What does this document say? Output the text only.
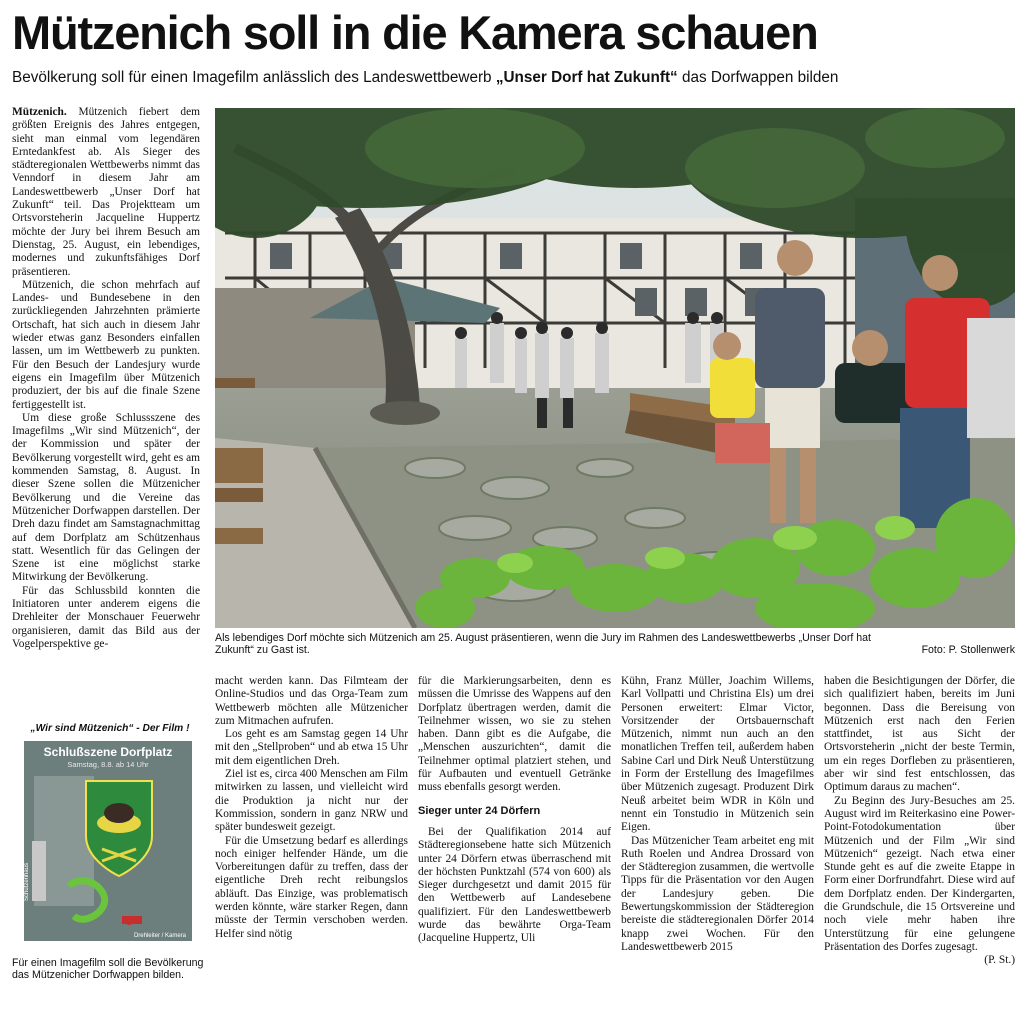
Mützenich soll in die Kamera schauen
Bevölkerung soll für einen Imagefilm anlässlich des Landeswettbewerb „Unser Dorf hat Zukunft“ das Dorfwappen bilden

Mützenich. Mützenich fiebert dem größten Ereignis des Jahres entgegen, sieht man einmal vom legendären Erntedankfest ab. Als Sieger des städteregionalen Wettbewerbs nimmt das Venndorf in diesem Jahr am Landeswettbewerb „Unser Dorf hat Zukunft“ teil. Das Projektteam um Ortsvorsteherin Jacqueline Huppertz möchte der Jury bei ihrem Besuch am Dienstag, 25. August, ein lebendiges, modernes und zukunftsfähiges Dorf präsentieren.

Mützenich, die schon mehrfach auf Landes- und Bundesebene in den zurückliegenden Jahrzehnten prämierte Ortschaft, hat sich auch in diesem Jahr wieder etwas ganz Besonders einfallen lassen, um im Wettbewerb zu punkten. Für den Besuch der Landesjury wurde eigens ein Imagefilm über Mützenich produziert, der bis auf die finale Szene fertiggestellt ist.

Um diese große Schlussszene des Imagefilms „Wir sind Mützenich“, der der Kommission und später der Bevölkerung vorgestellt wird, geht es am kommenden Samstag, 8. August. In dieser Szene sollen die Mützenicher Bevölkerung und die Vereine das Mützenicher Dorfwappen darstellen. Der Dreh dazu findet am Samstagnachmittag auf dem Dorfplatz am Schützenhaus statt. Wesentlich für das Gelingen der Szene ist eine möglichst starke Mitwirkung der Bevölkerung.

Für das Schlussbild konnten die Initiatoren unter anderem eigens die Drehleiter der Monschauer Feuerwehr organisieren, damit das Bild aus der Vogelperspektive ge-	Als lebendiges Dorf möchte sich Mützenich am 25. August präsentieren, wenn die Jury im Rahmen des Landeswettbewerbs „Unser Dorf hat Zukunft“ zu Gast ist.	Foto: P. Stollenwerk
„Wir sind Mützenich“ - Der Film !
Schlußszene Dorfplatz
Samstag, 8.8. ab 14 Uhr
Schützenhaus
Drehleiter / Kamera
Für einen Imagefilm soll die Bevölkerung das Mützenicher Dorfwappen bilden.

macht werden kann. Das Filmteam der Online-Studios und das Orga-Team zum Wettbewerb möchten alle Mützenicher zum Mitmachen aufrufen.

Los geht es am Samstag gegen 14 Uhr mit den „Stellproben“ und ab etwa 15 Uhr mit dem eigentlichen Dreh.

Ziel ist es, circa 400 Menschen am Film mitwirken zu lassen, und vielleicht wird die Produktion ja nicht nur der Kommission, sondern in ganz NRW und später bundesweit gezeigt.

Für die Umsetzung bedarf es allerdings noch einiger helfender Hände, um die Vorbereitungen dafür zu treffen, dass der eigentliche Dreh recht reibungslos abläuft. Das Einzige, was problematisch werden könnte, wäre starker Regen, dann müsste der Termin verschoben werden. Helfer sind nötig

für die Markierungsarbeiten, denn es müssen die Umrisse des Wappens auf den Dorfplatz übertragen werden, damit die Teilnehmer wissen, wo sie zu stehen haben. Dann gibt es die Aufgabe, die „Menschen auszurichten“, damit die Teilnehmer optimal platziert stehen, und für Aufbauten und eventuell Getränke muss ebenfalls gesorgt werden.

Sieger unter 24 Dörfern

Bei der Qualifikation 2014 auf Städteregionsebene hatte sich Mützenich unter 24 Dörfern etwas überraschend mit der höchsten Punktzahl (574 von 600) als Sieger durchgesetzt und damit 2015 für den Wettbewerb auf Landesebene qualifiziert. Für den Landeswettbewerb wurde das bewährte Orga-Team (Jacqueline Huppertz, Uli

Kühn, Franz Müller, Joachim Willems, Karl Vollpatti und Christina Els) um drei Personen erweitert: Elmar Victor, Vorsitzender der Ortsbauernschaft Mützenich, nimmt nun auch an den monatlichen Treffen teil, außerdem haben Sabine Carl und Dirk Neuß Unterstützung in Form der Erstellung des Imagefilmes über Mützenich zugesagt. Produzent Dirk Neuß arbeitet beim WDR in Köln und nennt ein Tonstudio in Mützenich sein Eigen.

Das Mützenicher Team arbeitet eng mit Ruth Roelen und Andrea Drossard von der Städteregion zusammen, die wertvolle Tipps für die Präsentation vor den Augen der Landesjury geben. Die Bewertungskommission der Städteregion bereiste die städteregionalen Dörfer 2014 knapp zwei Wochen. Für den Landeswettbewerb 2015

haben die Besichtigungen der Dörfer, die sich qualifiziert haben, bereits im Juni begonnen. Dass die Bereisung von Mützenich erst nach den Ferien stattfindet, ist aus Sicht der Ortsvorsteherin „nicht der beste Termin, um ein reges Dorfleben zu präsentieren, aber wir sind fest entschlossen, das Optimum daraus zu machen“.

Zu Beginn des Jury-Besuches am 25. August wird im Reiterkasino eine Power-Point-Fotodokumentation über Mützenich und der Film „Wir sind Mützenich“ gezeigt. Nach etwa einer Stunde geht es auf die zweite Etappe in Form einer Dorfrundfahrt. Diese wird auf dem Dorfplatz enden. Der Kindergarten, die Grundschule, die 15 Ortsvereine und noch viele mehr haben ihre Unterstützung für eine gelungene Präsentation des Dorfes zugesagt.
(P. St.)
